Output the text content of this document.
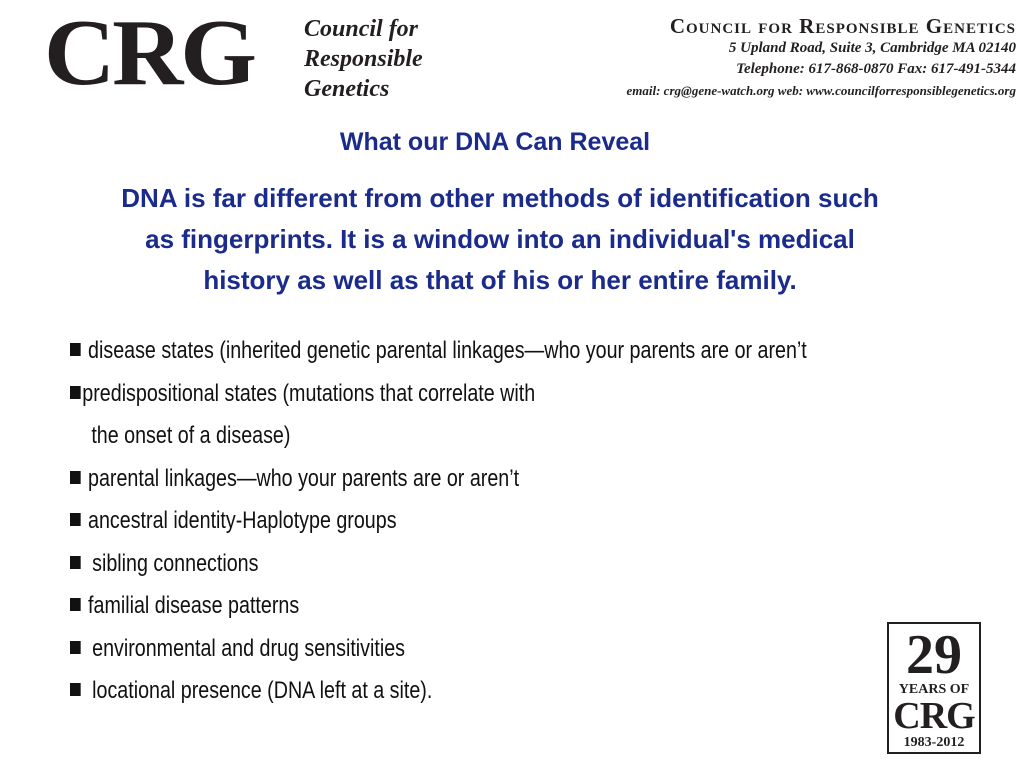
CRG Council for
Responsible
Genetics
Council for Responsible Genetics
5 Upland Road, Suite 3, Cambridge MA 02140
Telephone: 617-868-0870 Fax: 617-491-5344
email: crg@gene-watch.org web: www.councilforresponsiblegenetics.org
What our DNA Can Reveal
DNA is far different from other methods of identification such
as fingerprints. It is a window into an individual's medical
history as well as that of his or her entire family.
disease states (inherited genetic parental linkages—who your parents are or aren’t
predispositional states (mutations that correlate with
the onset of a disease)
parental linkages—who your parents are or aren’t
ancestral identity-Haplotype groups
sibling connections
familial disease patterns
environmental and drug sensitivities
locational presence (DNA left at a site).
29
YEARS OF
CRG
1983-2012
